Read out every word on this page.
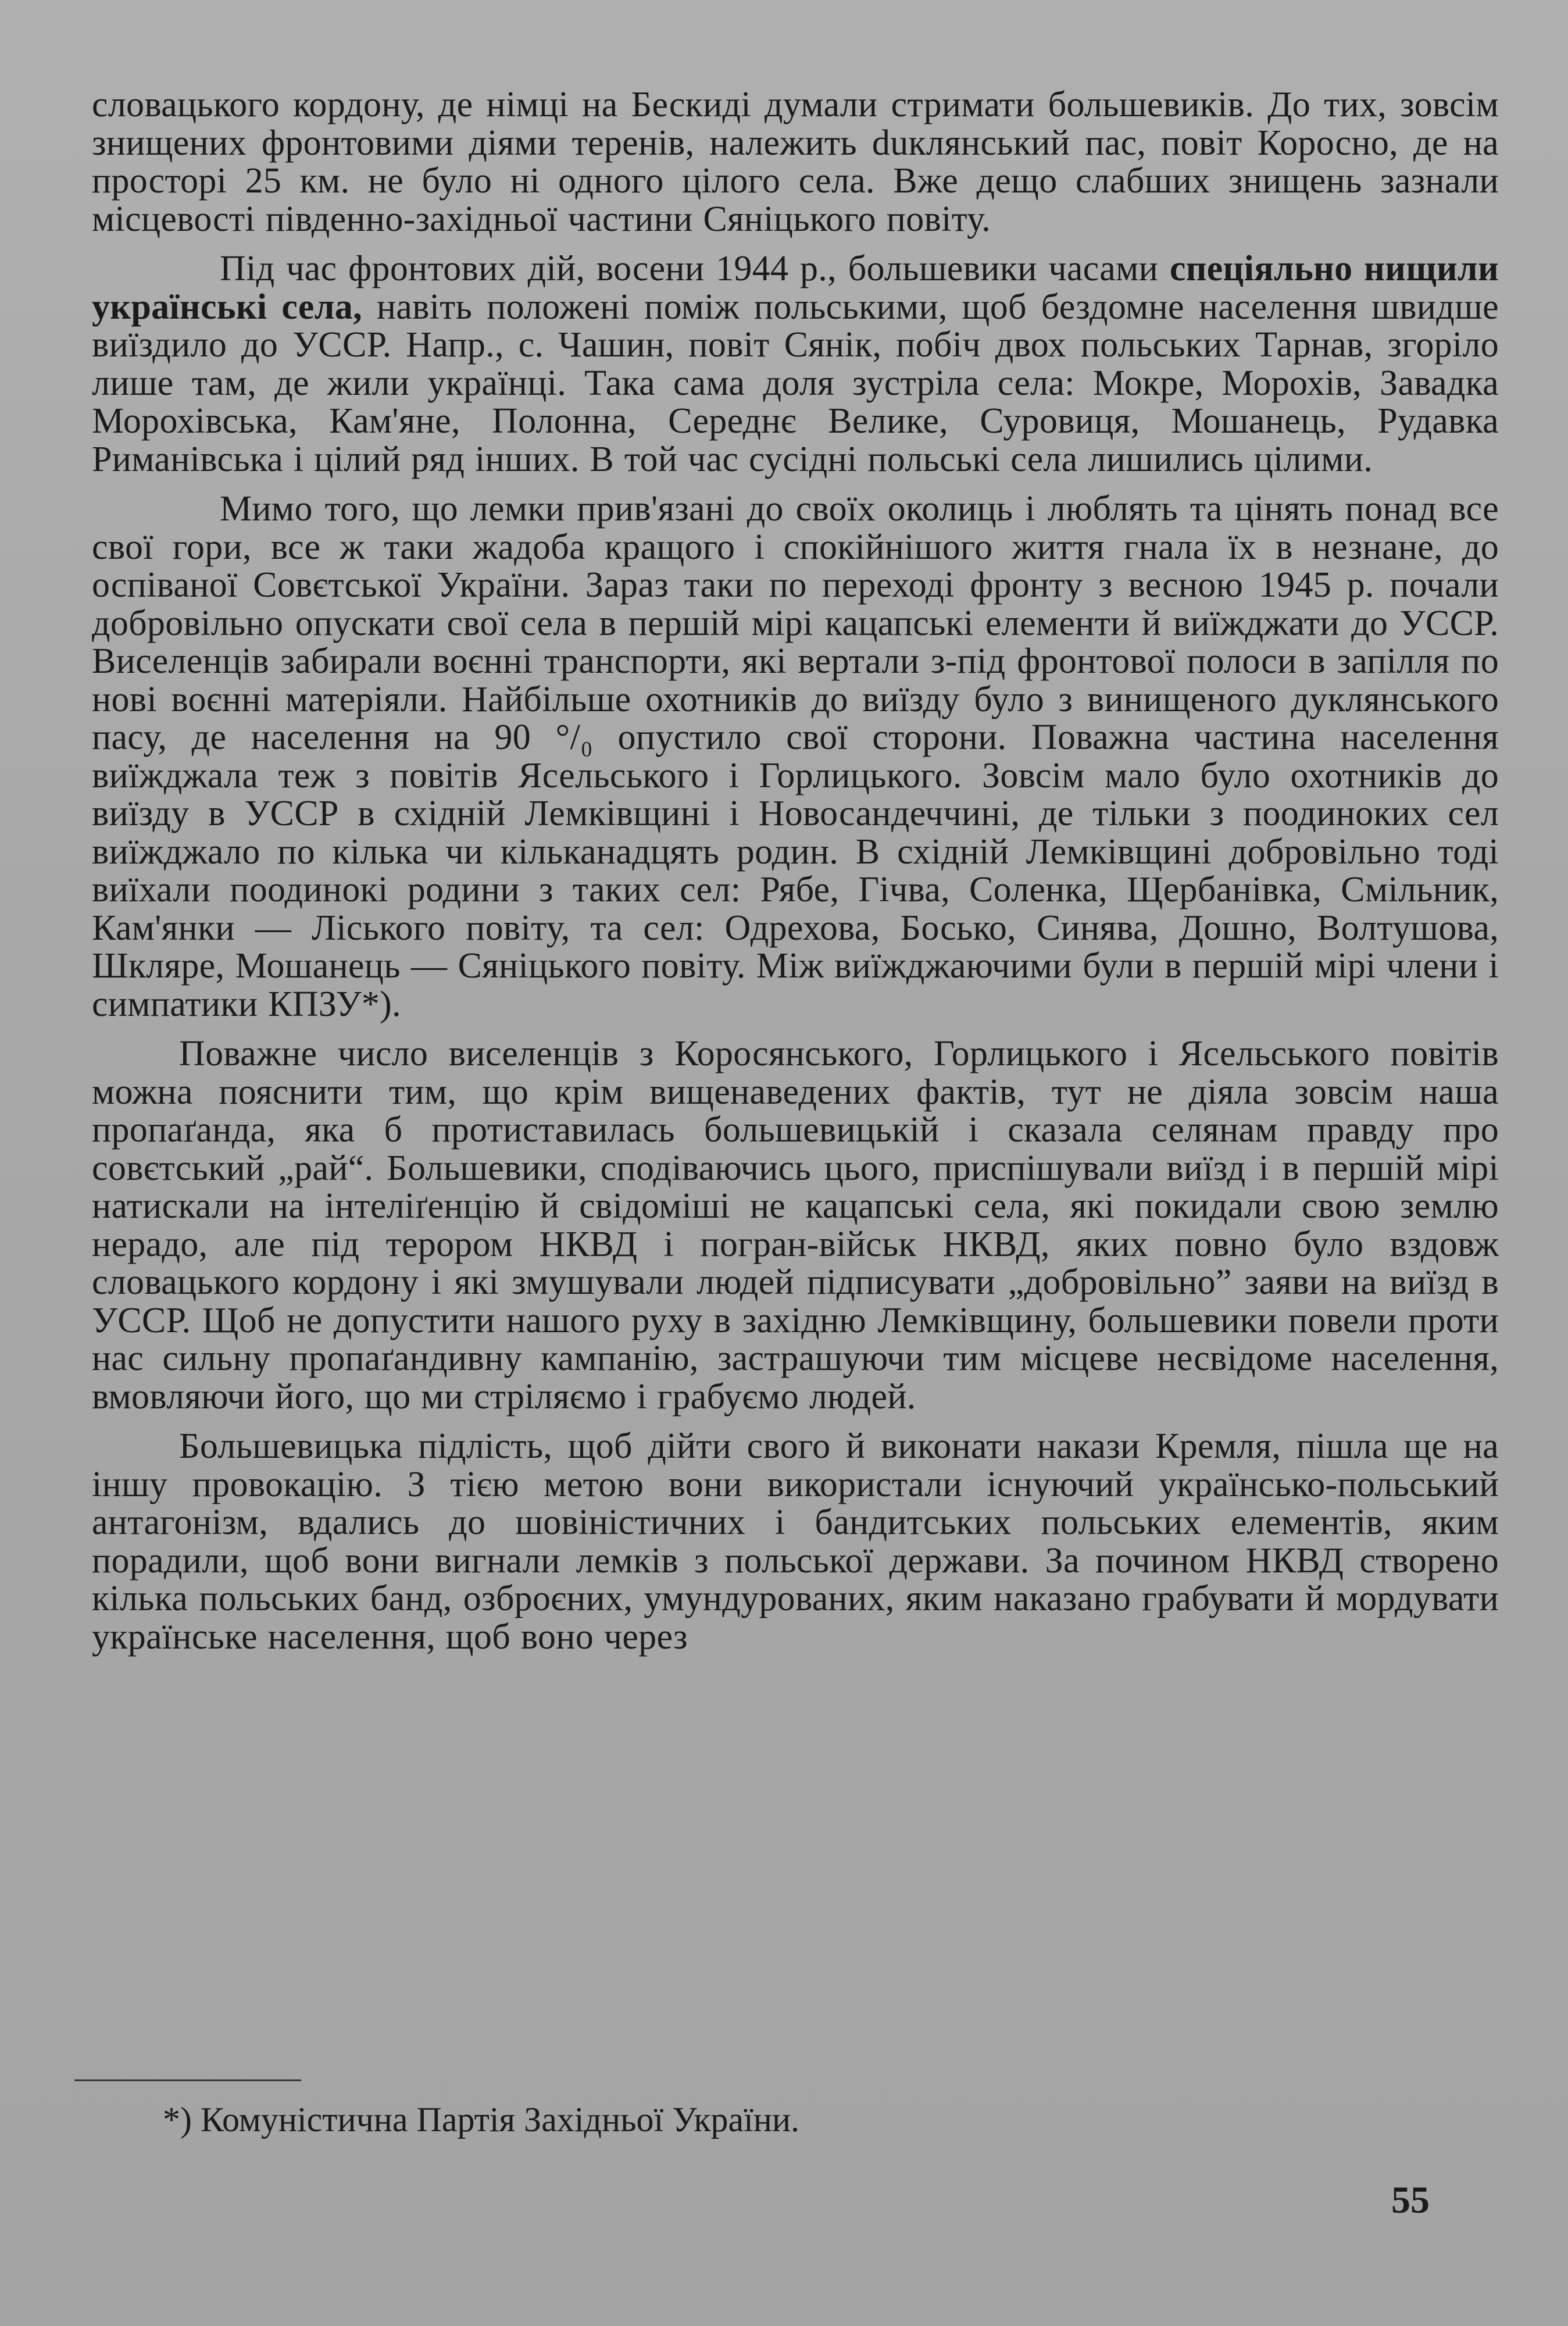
словацького кордону, де німці на Бескиді думали стримати большевиків. До тих, зовсім знищених фронтовими діями теренів, належить duклянський пас, повіт Коросно, де на просторі 25 км. не було ні одного цілого села. Вже дещо слабших знищень зазнали місцевості південно-західньої частини Сяніцького повіту.

Під час фронтових дій, восени 1944 р., большевики часами спеціяльно нищили українські села, навіть положені поміж польськими, щоб бездомне населення швидше виїздило до УССР. Напр., с. Чашин, повіт Сянік, побіч двох польських Тарнав, згоріло лише там, де жили українці. Така сама доля зустріла села: Мокре, Морохів, Завадка Морохівська, Кам'яне, Полонна, Середнє Велике, Суровиця, Мошанець, Рудавка Риманівська і цілий ряд інших. В той час сусідні польські села лишились цілими.

Мимо того, що лемки прив'язані до своїх околиць і люблять та цінять понад все свої гори, все ж таки жадоба кращого і спокійнішого життя гнала їх в незнане, до оспіваної Совєтської України. Зараз таки по переході фронту з весною 1945 р. почали добровільно опускати свої села в першій мірі кацапські елементи й виїжджати до УССР. Виселенців забирали воєнні транспорти, які вертали з-під фронтової полоси в запілля по нові воєнні матеріяли. Найбільше охотників до виїзду було з винищеного дуклянського пасу, де населення на 90 °/₀ опустило свої сторони. Поважна частина населення виїжджала теж з повітів Ясельського і Горлицького. Зовсім мало було охотників до виїзду в УССР в східній Лемківщині і Новосандеччині, де тільки з поодиноких сел виїжджало по кілька чи кільканадцять родин. В східній Лемківщині добровільно тоді виїхали поодинокі родини з таких сел: Рябе, Гічва, Соленка, Щербанівка, Смільник, Кам'янки — Ліського повіту, та сел: Одрехова, Босько, Синява, Дошно, Волтушова, Шкляре, Мошанець — Сяніцького повіту. Між виїжджаючими були в першій мірі члени і симпатики КПЗУ*).

Поважне число виселенців з Коросянського, Горлицького і Ясельського повітів можна пояснити тим, що крім вищенаведених фактів, тут не діяла зовсім наша пропаґанда, яка б протиставилась большевицькій і сказала селянам правду про совєтський „рай“. Большевики, сподіваючись цього, приспішували виїзд і в першій мірі натискали на інтеліґенцію й свідоміші не кацапські села, які покидали свою землю нерадо, але під терором НКВД і погран-військ НКВД, яких повно було вздовж словацького кордону і які змушували людей підписувати „добровільно” заяви на виїзд в УССР. Щоб не допустити нашого руху в західню Лемківщину, большевики повели проти нас сильну пропаґандивну кампанію, застрашуючи тим місцеве несвідоме населення, вмовляючи його, що ми стріляємо і грабуємо людей.

Большевицька підлість, щоб дійти свого й виконати накази Кремля, пішла ще на іншу провокацію. З тією метою вони використали існуючий українсько-польський антагонізм, вдались до шовіністичних і бандитських польських елементів, яким порадили, щоб вони вигнали лемків з польської держави. За почином НКВД створено кілька польських банд, озброєних, умундурованих, яким наказано грабувати й мордувати українське населення, щоб воно через

*) Комуністична Партія Західньої України.

55
